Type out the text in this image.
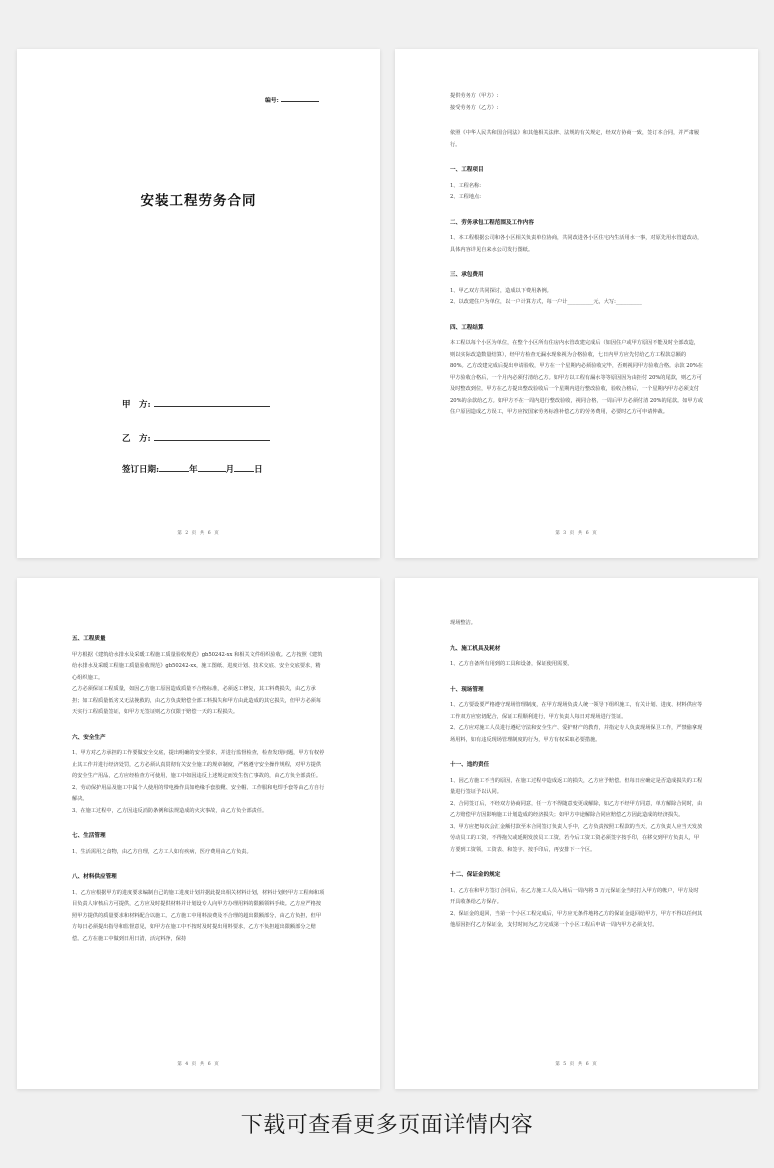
编号:
安装工程劳务合同
甲　方:
乙　方:
签订日期:	年	月 日
第 2 页 共 6 页

提供劳务方（甲方）:

接受劳务方（乙方）:

依照《中华人民共和国合同法》和其他相关法律、法规的有关规定，经双方协商一致，签订本合同，并严肃履行。

一、工程项目

1、工程名称:

2、工程地点:

二、劳务承包工程范围及工作内容

1、本工程根据公司和各小区相关负责单位协商，共同改进各小区住宅内生活用水一事，对原先用水管道改动，具体内容详见自来水公司发行图纸。

三、承包费用

1、甲乙双方共同探讨，造成以下费用条例。

2、以改建住户为单位，以一户计算方式，每一户计__________元，大写:__________

四、工程结算

本工程以每个小区为单位，在整个小区所有住房内水管改建完成后（如因住户或甲方原因不能及时全部改造，则以实际改造数量结算），经甲方检查无漏水现象视为合格验收，七日内甲方应先付给乙方工程款总额的 80%。乙方改建完成后提出申请验收，甲方在一个星期内必须验收完毕，否则视同甲方验收合格。余款 20%在甲方验收合格后，一个月内必须付清给乙方。如甲方以工程有漏水等等原因因为由拒付 20%的尾款，则乙方可及时整改到位，甲方在乙方提出整改验收后一个星期内进行整改验收，验收合格后，一个星期内甲方必须支付 20%的余款给乙方。如甲方不在一周内进行整改验收，视同合格，一周后甲方必须付清 20%的尾款。如甲方或住户原因造成乙方误工，甲方应按国家劳务标准补偿乙方的劳务费用，必要时乙方可申请仲裁。

第 3 页 共 6 页
五、工程质量

甲方根据《建筑给水排水及采暖工程施工质量验收规范》gb50242-xx 和相关文件组织验收。乙方按照《建筑给水排水及采暖工程施工质量验收规范》gb50242-xx，施工图纸、进度计划、技术交底、安全交底要求，精心组织施工。

乙方必须保证工程质量，如因乙方施工原因造成质量不合格标准，必须返工修复，其工料费损失，由乙方承担；如工程质量低劣又无法挽救的，由乙方负责赔偿全部工料损失和甲方由此造成的其它损失，但甲方必须每天实行工程质量签证，如甲方无签证则乙方仅限于赔偿一天的工程损失。

六、安全生产

1、甲方对乙方承担的工作要做安全交底，提出明确的安全要求，并进行监督检查，检查发现问题，甲方有权停止其工作并进行经济处罚，乙方必须认真贯彻有关安全施工的规章制度，严格遵守安全操作规程，对甲方提供的安全生产用品，乙方应经检查方可使用，施工中如因违反上述规定而发生伤亡事故的，由乙方负全部责任。

2、劳动保护用品及施工中属个人使用的带电操作具如绝缘手套胶靴、安全帽、工作服和电焊手套等由乙方自行解决。

3、在施工过程中，乙方因违反消防条例和法规造成的火灾事故，由乙方负全部责任。

七、生活管理

1、生活需用之食物，由乙方自理，乙方工人如有疾病，医疗费用由乙方负责。

八、材料供应管理

1、乙方应根据甲方的进度要求编制自己的施工进度计划并据此提出相关材料计划，材料计划经甲方工程师和项目负责人审核后方可提供，乙方应及时提供材料并计划设专人向甲方办理用料的限额领料手续。乙方应严格按照甲方提供的质量要求和材料配合以施工。乙方施工中用料浪费及不合理的超出限额部分，由乙方负担，但甲方每日必须提出指导和监督意见，如甲方在施工中不按时及时提出用料要求，乙方不负担超出限额部分之赔偿。乙方在施工中做到日用日清，活完料净，保持

第 4 页 共 6 页

现场整洁。

九、施工机具及耗材

1、乙方自备所有用到的工具和设备，保证使用需要。

十、现场管理

1、乙方要设要严格遵守现场管理制度，在甲方现场负责人统一领导下组织施工，有关计划、进度、材料供应等工作双方应密切配合，保证工程顺利进行，甲方负责人每日对现场进行签证。

2、乙方应对施工人员进行遵纪守法和安全生产、爱护财产的教育，并指定专人负责现场保卫工作，严禁偷拿现场用料，如有违反现场管理制度的行为，甲方有权采取必要措施。

十一、违约责任

1、因乙方施工不当的原因，在施工过程中造成返工的损失，乙方应予赔偿。但每日应确定是否造成损失的工程量进行签证予以认同。

2、合同签订后，不经双方协商同意，任一方不得随意变更或解除，如乙方不经甲方同意，单方解除合同时，由乙方赔偿甲方因影响施工计划造成的经济损失；如甲方中途解除合同应赔偿乙方因此造成的经济损失。

3、甲方应把每次会汇金额付款至本合同签订负责人手中，乙方负责按照工程款的当天，乙方负责人应当天发放劳动员工的工资，不得拖欠或延期发放员工工资，若今后工资工资必须签字按手印，在移交到甲方负责人，甲方要到工资领，工资表、和签字、按手印后，再安排下一个区。

十二、保证金的规定

1、乙方在和甲方签订合同后，在乙方施工人员入场后一周内将 5 万元保证金当时打入甲方的帐户，甲方及时开具收条给乙方保存。

2、保证金的退回，当第一个小区工程完成后，甲方应无条件地将乙方的保证金退回给甲方，甲方不得以任何其他原因拒付乙方保证金，支付时间为乙方完成第一个小区工程后申请一周内甲方必须支付。

第 5 页 共 6 页
下载可查看更多页面详情内容
